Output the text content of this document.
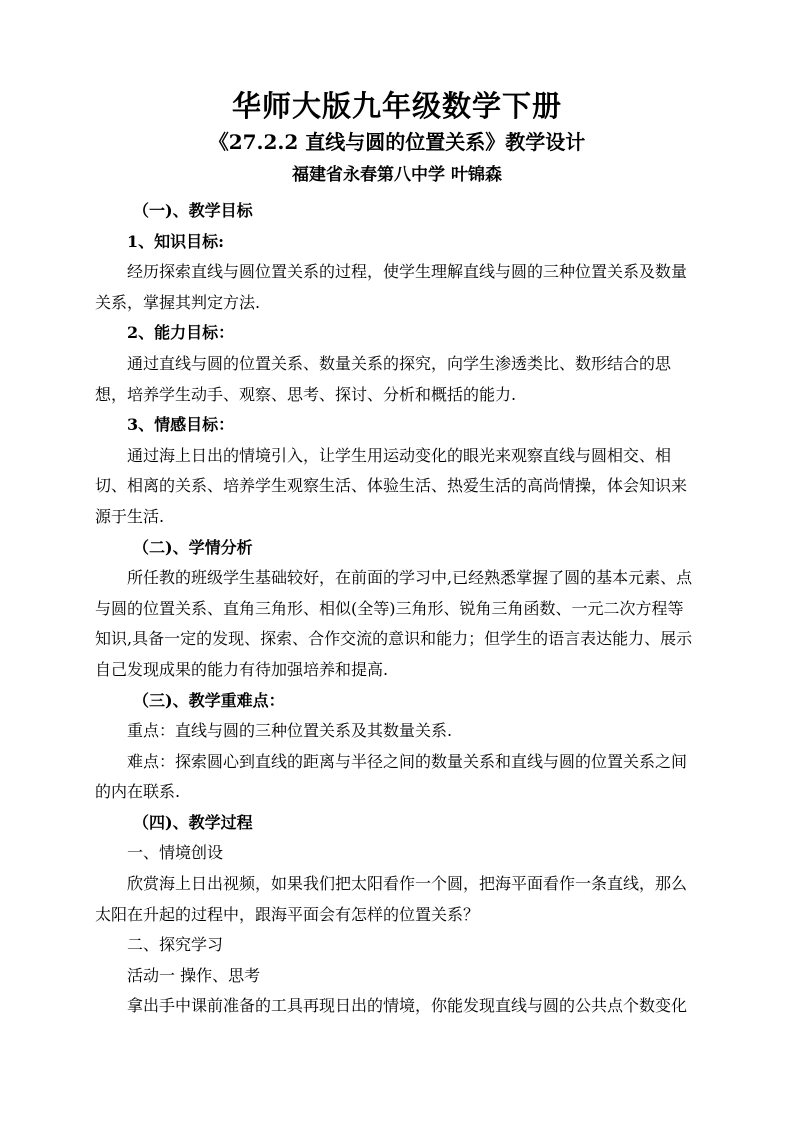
华师大版九年级数学下册
《27.2.2 直线与圆的位置关系》教学设计
福建省永春第八中学 叶锦森
（一)、教学目标
1、知识目标:
经历探索直线与圆位置关系的过程，使学生理解直线与圆的三种位置关系及数量
关系，掌握其判定方法.
2、能力目标：
通过直线与圆的位置关系、数量关系的探究，向学生渗透类比、数形结合的思
想，培养学生动手、观察、思考、探讨、分析和概括的能力.
3、情感目标：
通过海上日出的情境引入，让学生用运动变化的眼光来观察直线与圆相交、相
切、相离的关系、培养学生观察生活、体验生活、热爱生活的高尚情操，体会知识来
源于生活.
（二)、学情分析
所任教的班级学生基础较好，在前面的学习中,已经熟悉掌握了圆的基本元素、点
与圆的位置关系、直角三角形、相似(全等)三角形、锐角三角函数、一元二次方程等
知识,具备一定的发现、探索、合作交流的意识和能力；但学生的语言表达能力、展示
自己发现成果的能力有待加强培养和提高.
（三)、教学重难点：
重点：直线与圆的三种位置关系及其数量关系.
难点：探索圆心到直线的距离与半径之间的数量关系和直线与圆的位置关系之间
的内在联系.
（四)、教学过程
一、情境创设
欣赏海上日出视频，如果我们把太阳看作一个圆，把海平面看作一条直线，那么
太阳在升起的过程中，跟海平面会有怎样的位置关系？
二、探究学习
活动一 操作、思考
拿出手中课前准备的工具再现日出的情境，你能发现直线与圆的公共点个数变化
